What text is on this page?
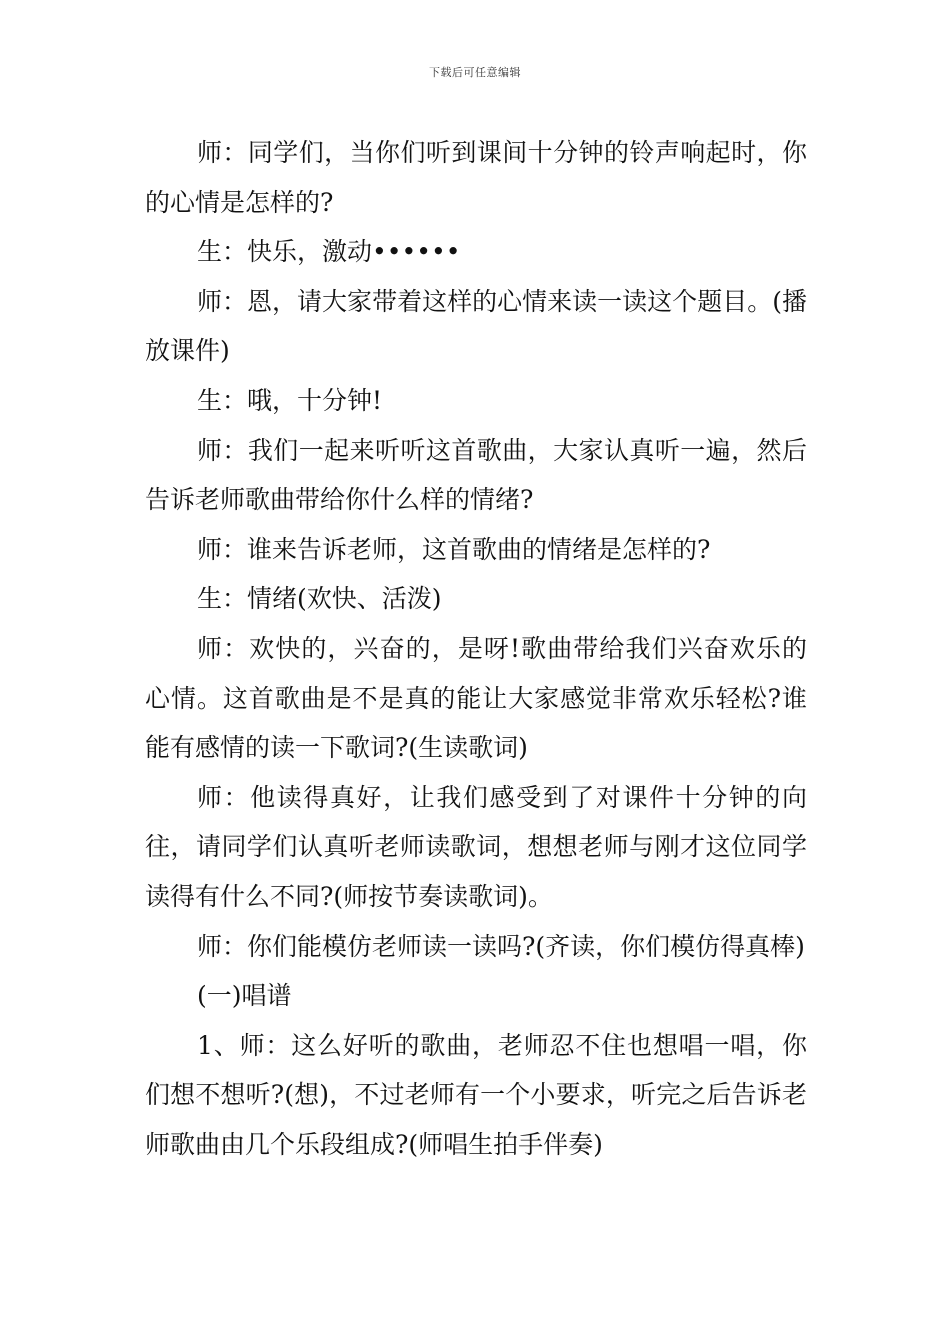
下载后可任意编辑

师：同学们，当你们听到课间十分钟的铃声响起时，你的心情是怎样的?

生：快乐，激动••••••

师：恩，请大家带着这样的心情来读一读这个题目。(播放课件)

生：哦，十分钟!

师：我们一起来听听这首歌曲，大家认真听一遍，然后告诉老师歌曲带给你什么样的情绪?

师：谁来告诉老师，这首歌曲的情绪是怎样的?

生：情绪(欢快、活泼)

师：欢快的，兴奋的，是呀!歌曲带给我们兴奋欢乐的心情。这首歌曲是不是真的能让大家感觉非常欢乐轻松?谁能有感情的读一下歌词?(生读歌词)

师：他读得真好，让我们感受到了对课件十分钟的向往，请同学们认真听老师读歌词，想想老师与刚才这位同学读得有什么不同?(师按节奏读歌词)。

师：你们能模仿老师读一读吗?(齐读，你们模仿得真棒)

(一)唱谱

1、师：这么好听的歌曲，老师忍不住也想唱一唱，你们想不想听?(想)，不过老师有一个小要求，听完之后告诉老师歌曲由几个乐段组成?(师唱生拍手伴奏)
